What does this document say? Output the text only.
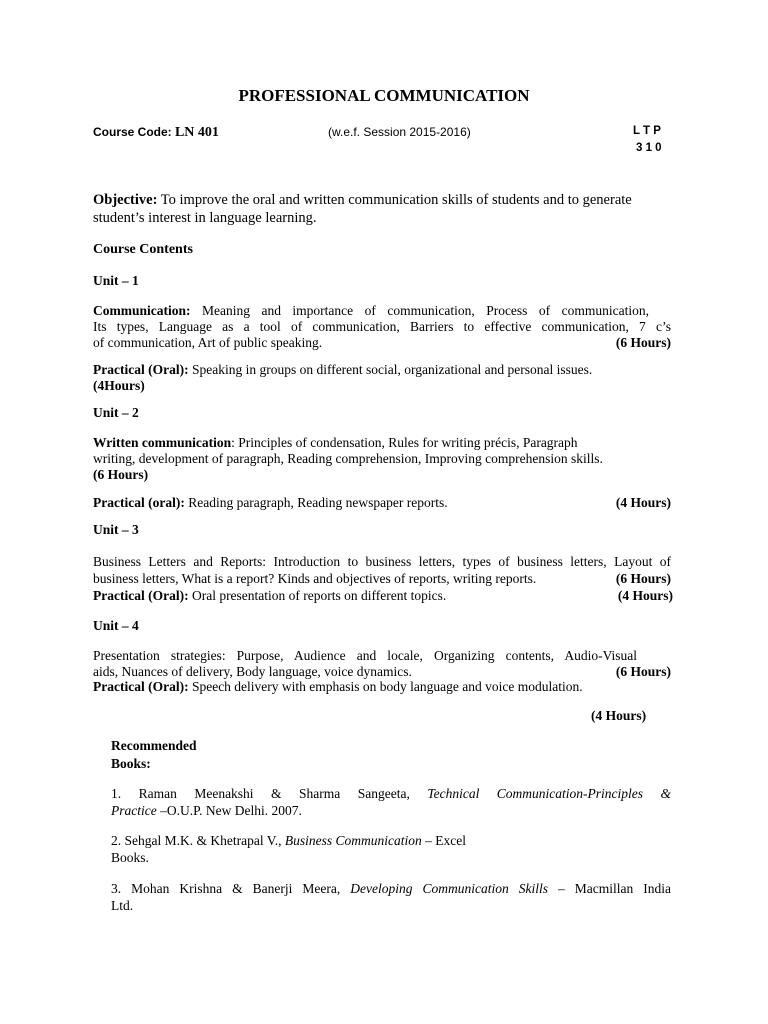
PROFESSIONAL COMMUNICATION
Course Code: LN 401	(w.e.f. Session 2015-2016)	L T P
3 1 0
Objective: To improve the oral and written communication skills of students and to generate
student’s interest in language learning.
Course Contents
Unit – 1
Communication: Meaning and importance of communication, Process of communication,
Its types, Language as a tool of communication, Barriers to effective communication, 7 c’s
of communication, Art of public speaking.	(6 Hours)
Practical (Oral): Speaking in groups on different social, organizational and personal issues.
(4Hours)
Unit – 2
Written communication: Principles of condensation, Rules for writing précis, Paragraph
writing, development of paragraph, Reading comprehension, Improving comprehension skills.
(6 Hours)
Practical (oral): Reading paragraph, Reading newspaper reports.	(4 Hours)
Unit – 3
Business Letters and Reports: Introduction to business letters, types of business letters, Layout of
business letters, What is a report? Kinds and objectives of reports, writing reports.	(6 Hours)
Practical (Oral): Oral presentation of reports on different topics.	(4 Hours)
Unit – 4
Presentation strategies: Purpose, Audience and locale, Organizing contents, Audio-Visual
aids, Nuances of delivery, Body language, voice dynamics.	(6 Hours)
Practical (Oral): Speech delivery with emphasis on body language and voice modulation.
(4 Hours)
Recommended
Books:
1. Raman Meenakshi & Sharma Sangeeta, Technical Communication-Principles &
Practice –O.U.P. New Delhi. 2007.
2. Sehgal M.K. & Khetrapal V., Business Communication – Excel
Books.
3. Mohan Krishna & Banerji Meera, Developing Communication Skills – Macmillan India
Ltd.
